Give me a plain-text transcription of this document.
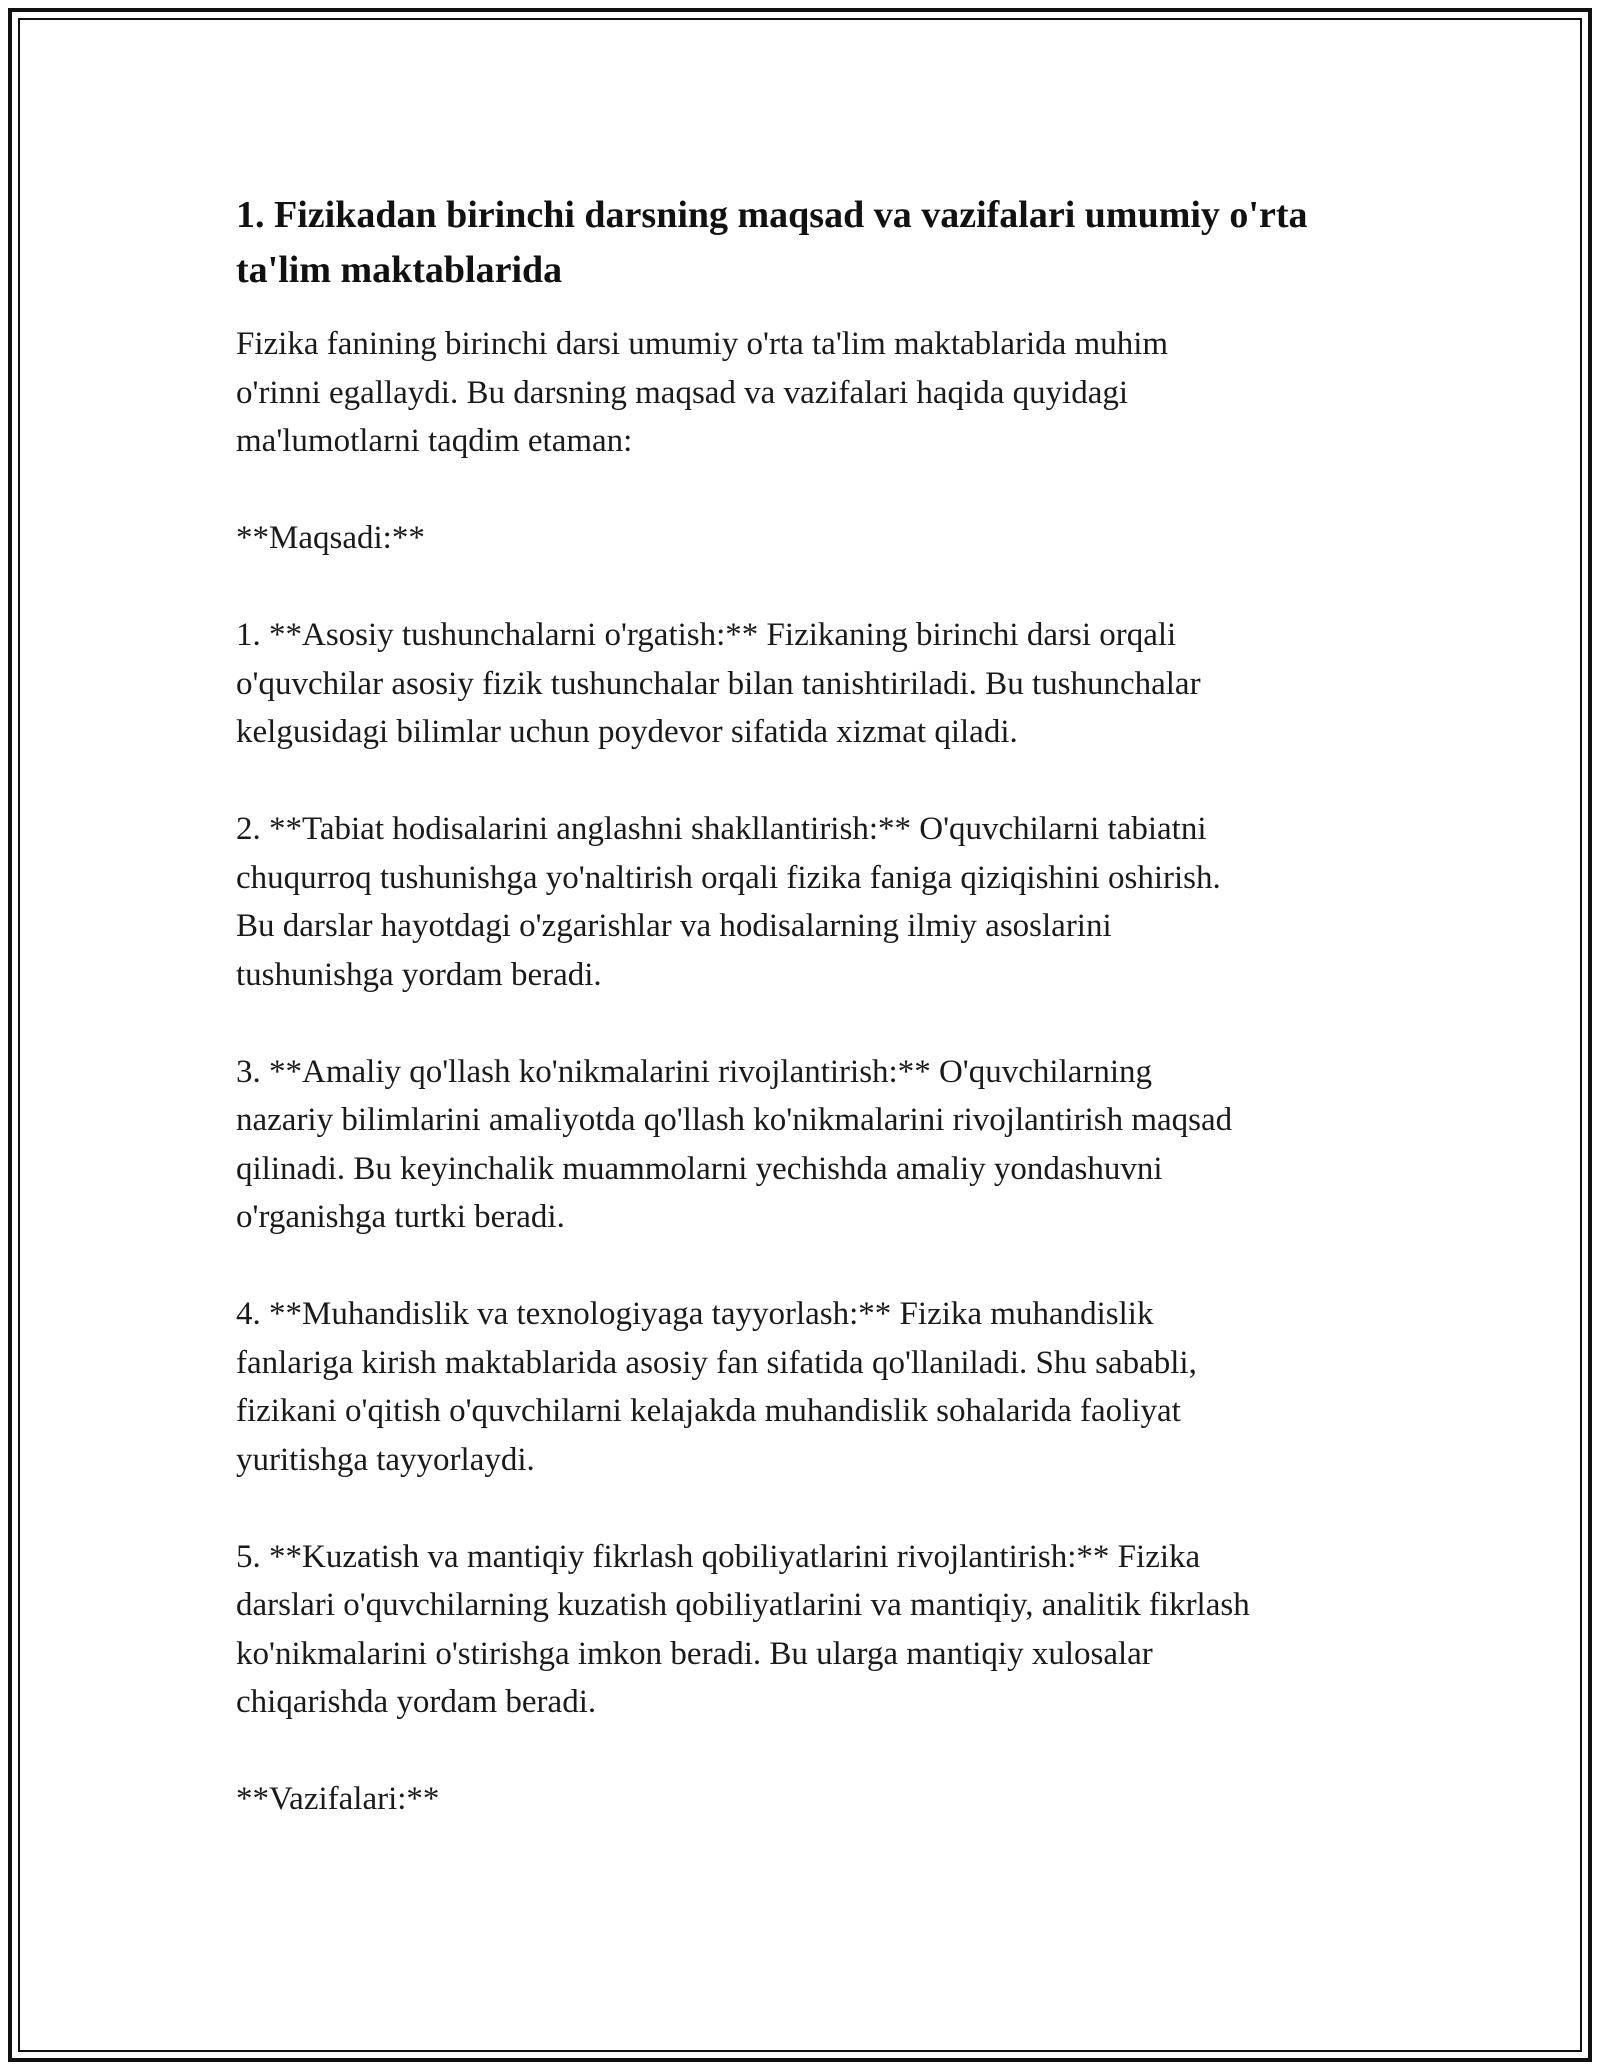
1. Fizikadan birinchi darsning maqsad va vazifalari umumiy o'rta ta'lim maktablarida
Fizika fanining birinchi darsi umumiy o'rta ta'lim maktablarida muhim
o'rinni egallaydi. Bu darsning maqsad va vazifalari haqida quyidagi
ma'lumotlarni taqdim etaman:
**Maqsadi:**
1. **Asosiy tushunchalarni o'rgatish:** Fizikaning birinchi darsi orqali
o'quvchilar asosiy fizik tushunchalar bilan tanishtiriladi. Bu tushunchalar
kelgusidagi bilimlar uchun poydevor sifatida xizmat qiladi.
2. **Tabiat hodisalarini anglashni shakllantirish:** O'quvchilarni tabiatni
chuqurroq tushunishga yo'naltirish orqali fizika faniga qiziqishini oshirish.
Bu darslar hayotdagi o'zgarishlar va hodisalarning ilmiy asoslarini
tushunishga yordam beradi.
3. **Amaliy qo'llash ko'nikmalarini rivojlantirish:** O'quvchilarning
nazariy bilimlarini amaliyotda qo'llash ko'nikmalarini rivojlantirish maqsad
qilinadi. Bu keyinchalik muammolarni yechishda amaliy yondashuvni
o'rganishga turtki beradi.
4. **Muhandislik va texnologiyaga tayyorlash:** Fizika muhandislik
fanlariga kirish maktablarida asosiy fan sifatida qo'llaniladi. Shu sababli,
fizikani o'qitish o'quvchilarni kelajakda muhandislik sohalarida faoliyat
yuritishga tayyorlaydi.
5. **Kuzatish va mantiqiy fikrlash qobiliyatlarini rivojlantirish:** Fizika
darslari o'quvchilarning kuzatish qobiliyatlarini va mantiqiy, analitik fikrlash
ko'nikmalarini o'stirishga imkon beradi. Bu ularga mantiqiy xulosalar
chiqarishda yordam beradi.
**Vazifalari:**
